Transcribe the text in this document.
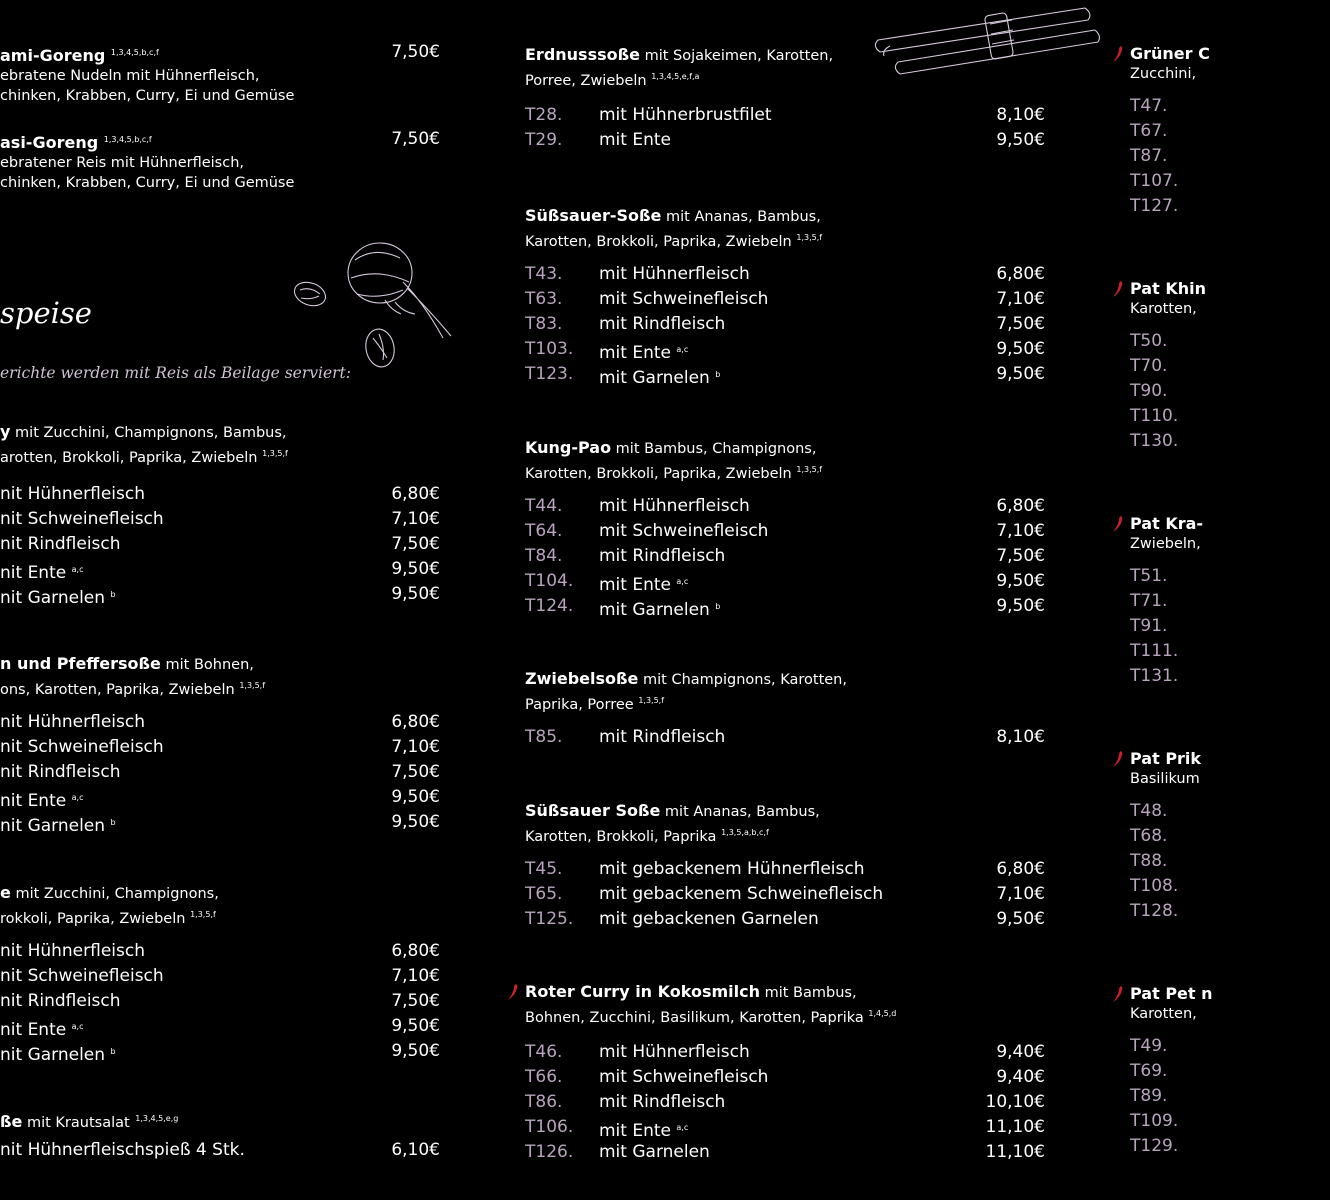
ami-Goreng $^{1,3,4,5,b,c,f}$	7,50€
ebratene Nudeln mit Hühnerfleisch,
chinken, Krabben, Curry, Ei und Gemüse
asi-Goreng $^{1,3,4,5,b,c,f}$	7,50€
ebratener Reis mit Hühnerfleisch,
chinken, Krabben, Curry, Ei und Gemüse
speise
erichte werden mit Reis als Beilage serviert:
y mit Zucchini, Champignons, Bambus,
arotten, Brokkoli, Paprika, Zwiebeln $^{1,3,5,f}$
nit Hühnerfleisch	6,80€
nit Schweinefleisch	7,10€
nit Rindfleisch	7,50€
nit Ente $^{a,c}$	9,50€
nit Garnelen $^b$	9,50€
n und Pfeffersoße mit Bohnen,
ons, Karotten, Paprika, Zwiebeln $^{1,3,5,f}$
nit Hühnerfleisch	6,80€
nit Schweinefleisch	7,10€
nit Rindfleisch	7,50€
nit Ente $^{a,c}$	9,50€
nit Garnelen $^b$	9,50€
e mit Zucchini, Champignons,
rokkoli, Paprika, Zwiebeln $^{1,3,5,f}$
nit Hühnerfleisch	6,80€
nit Schweinefleisch	7,10€
nit Rindfleisch	7,50€
nit Ente $^{a,c}$	9,50€
nit Garnelen $^b$	9,50€
ße mit Krautsalat $^{1,3,4,5,e,g}$
nit Hühnerfleischspieß 4 Stk.	6,10€
Erdnusssoße mit Sojakeimen, Karotten,
Porree, Zwiebeln $^{1,3,4,5,e,f,a}$
T28. mit Hühnerbrustfilet	8,10€
T29. mit Ente	9,50€
Süßsauer-Soße mit Ananas, Bambus,
Karotten, Brokkoli, Paprika, Zwiebeln $^{1,3,5,f}$
T43. mit Hühnerfleisch	6,80€
T63. mit Schweinefleisch	7,10€
T83. mit Rindfleisch	7,50€
T103. mit Ente $^{a,c}$	9,50€
T123. mit Garnelen $^b$	9,50€
Kung-Pao mit Bambus, Champignons,
Karotten, Brokkoli, Paprika, Zwiebeln $^{1,3,5,f}$
T44. mit Hühnerfleisch	6,80€
T64. mit Schweinefleisch	7,10€
T84. mit Rindfleisch	7,50€
T104. mit Ente $^{a,c}$	9,50€
T124. mit Garnelen $^b$	9,50€
Zwiebelsoße mit Champignons, Karotten,
Paprika, Porree $^{1,3,5,f}$
T85. mit Rindfleisch	8,10€
Süßsauer Soße mit Ananas, Bambus,
Karotten, Brokkoli, Paprika $^{1,3,5,a,b,c,f}$
T45. mit gebackenem Hühnerfleisch	6,80€
T65. mit gebackenem Schweinefleisch	7,10€
T125. mit gebackenen Garnelen	9,50€
Roter Curry in Kokosmilch mit Bambus,
Bohnen, Zucchini, Basilikum, Karotten, Paprika $^{1,4,5,d}$
T46. mit Hühnerfleisch	9,40€
T66. mit Schweinefleisch	9,40€
T86. mit Rindfleisch	10,10€
T106. mit Ente $^{a,c}$	11,10€
T126. mit Garnelen	11,10€
Grüner C
Zucchini,
T47.
T67.
T87.
T107.
T127.
Pat Khin
Karotten,
T50.
T70.
T90.
T110.
T130.
Pat Kra-
Zwiebeln,
T51.
T71.
T91.
T111.
T131.
Pat Prik
Basilikum
T48.
T68.
T88.
T108.
T128.
Pat Pet n
Karotten,
T49.
T69.
T89.
T109.
T129.
